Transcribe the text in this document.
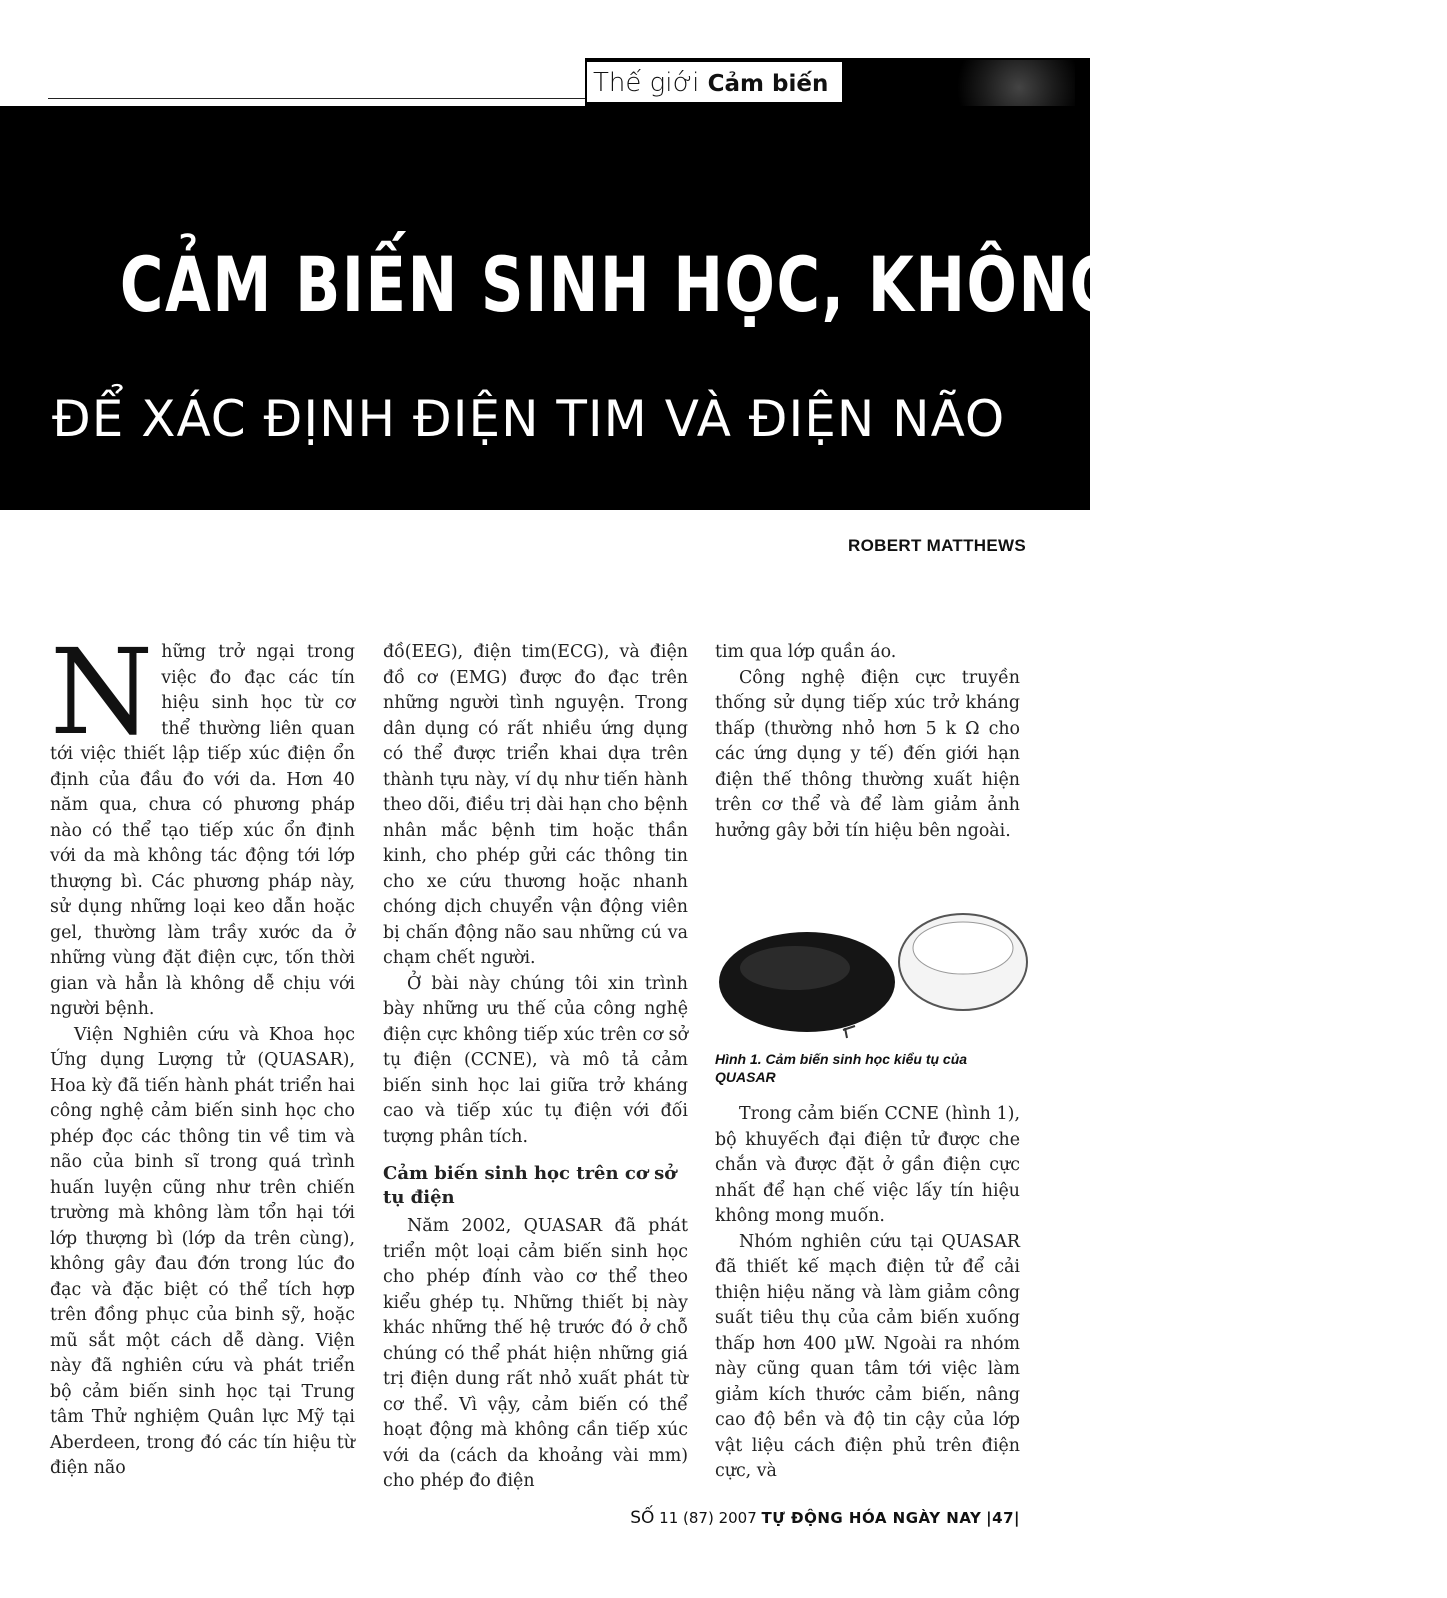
Thế giới Cảm biến
CẢM BIẾN SINH HỌC, KHÔNG GÂY ĐAU
ĐỂ XÁC ĐỊNH ĐIỆN TIM VÀ ĐIỆN NÃO
ROBERT MATTHEWS

N hững trở ngại trong việc đo đạc các tín hiệu sinh học từ cơ thể thường liên quan tới việc thiết lập tiếp xúc điện ổn định của đầu đo với da. Hơn 40 năm qua, chưa có phương pháp nào có thể tạo tiếp xúc ổn định với da mà không tác động tới lớp thượng bì. Các phương pháp này, sử dụng những loại keo dẫn hoặc gel, thường làm trầy xước da ở những vùng đặt điện cực, tốn thời gian và hẳn là không dễ chịu với người bệnh.

Viện Nghiên cứu và Khoa học Ứng dụng Lượng tử (QUASAR), Hoa kỳ đã tiến hành phát triển hai công nghệ cảm biến sinh học cho phép đọc các thông tin về tim và não của binh sĩ trong quá trình huấn luyện cũng như trên chiến trường mà không làm tổn hại tới lớp thượng bì (lớp da trên cùng), không gây đau đớn trong lúc đo đạc và đặc biệt có thể tích hợp trên đồng phục của binh sỹ, hoặc mũ sắt một cách dễ dàng. Viện này đã nghiên cứu và phát triển bộ cảm biến sinh học tại Trung tâm Thử nghiệm Quân lực Mỹ tại Aberdeen, trong đó các tín hiệu từ điện não

đồ(EEG), điện tim(ECG), và điện đồ cơ (EMG) được đo đạc trên những người tình nguyện. Trong dân dụng có rất nhiều ứng dụng có thể được triển khai dựa trên thành tựu này, ví dụ như tiến hành theo dõi, điều trị dài hạn cho bệnh nhân mắc bệnh tim hoặc thần kinh, cho phép gửi các thông tin cho xe cứu thương hoặc nhanh chóng dịch chuyển vận động viên bị chấn động não sau những cú va chạm chết người.

Ở bài này chúng tôi xin trình bày những ưu thế của công nghệ điện cực không tiếp xúc trên cơ sở tụ điện (CCNE), và mô tả cảm biến sinh học lai giữa trở kháng cao và tiếp xúc tụ điện với đối tượng phân tích.

Cảm biến sinh học trên cơ sở tụ điện

Năm 2002, QUASAR đã phát triển một loại cảm biến sinh học cho phép đính vào cơ thể theo kiểu ghép tụ. Những thiết bị này khác những thế hệ trước đó ở chỗ chúng có thể phát hiện những giá trị điện dung rất nhỏ xuất phát từ cơ thể. Vì vậy, cảm biến có thể hoạt động mà không cần tiếp xúc với da (cách da khoảng vài mm) cho phép đo điện

tim qua lớp quần áo.

Công nghệ điện cực truyền thống sử dụng tiếp xúc trở kháng thấp (thường nhỏ hơn 5 k Ω cho các ứng dụng y tế) đến giới hạn điện thế thông thường xuất hiện trên cơ thể và để làm giảm ảnh hưởng gây bởi tín hiệu bên ngoài.

Hình 1. Cảm biến sinh học kiểu tụ của QUASAR

Trong cảm biến CCNE (hình 1), bộ khuyếch đại điện tử được che chắn và được đặt ở gần điện cực nhất để hạn chế việc lấy tín hiệu không mong muốn.

Nhóm nghiên cứu tại QUASAR đã thiết kế mạch điện tử để cải thiện hiệu năng và làm giảm công suất tiêu thụ của cảm biến xuống thấp hơn 400 µW. Ngoài ra nhóm này cũng quan tâm tới việc làm giảm kích thước cảm biến, nâng cao độ bền và độ tin cậy của lớp vật liệu cách điện phủ trên điện cực, và

SỐ 11 (87) 2007 TỰ ĐỘNG HÓA NGÀY NAY |47|
